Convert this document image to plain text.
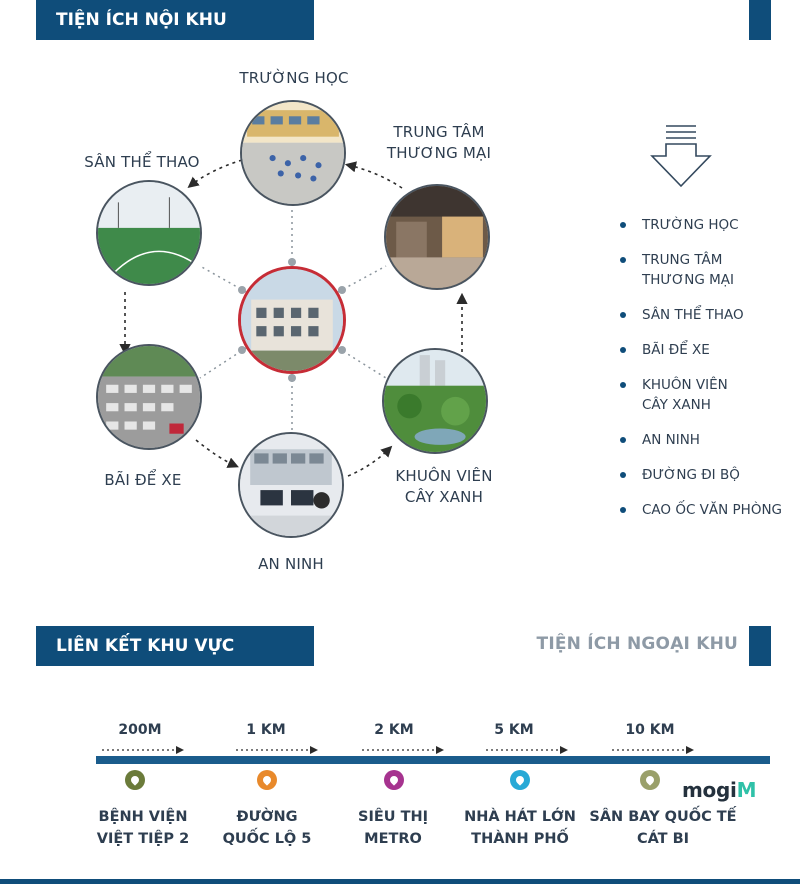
TIỆN ÍCH NỘI KHU
TRƯỜNG HỌC
TRUNG TÂM
THƯƠNG MẠI
SÂN THỂ THAO
BÃI ĐỂ XE	KHUÔN VIÊN
CÂY XANH
AN NINH
TRƯỜNG HỌC
TRUNG TÂM
THƯƠNG MẠI
SÂN THỂ THAO
BÃI ĐỂ XE
KHUÔN VIÊN
CÂY XANH
AN NINH
ĐƯỜNG ĐI BỘ
CAO ỐC VĂN PHÒNG
LIÊN KẾT KHU VỰC	TIỆN ÍCH NGOẠI KHU
200M	1 KM	2 KM	5 KM	10 KM
BỆNH VIỆN
VIỆT TIỆP 2
ĐƯỜNG
QUỐC LỘ 5
SIÊU THỊ
METRO
NHÀ HÁT LỚN
THÀNH PHỐ
SÂN BAY QUỐC TẾ
CÁT BI
mogiM
